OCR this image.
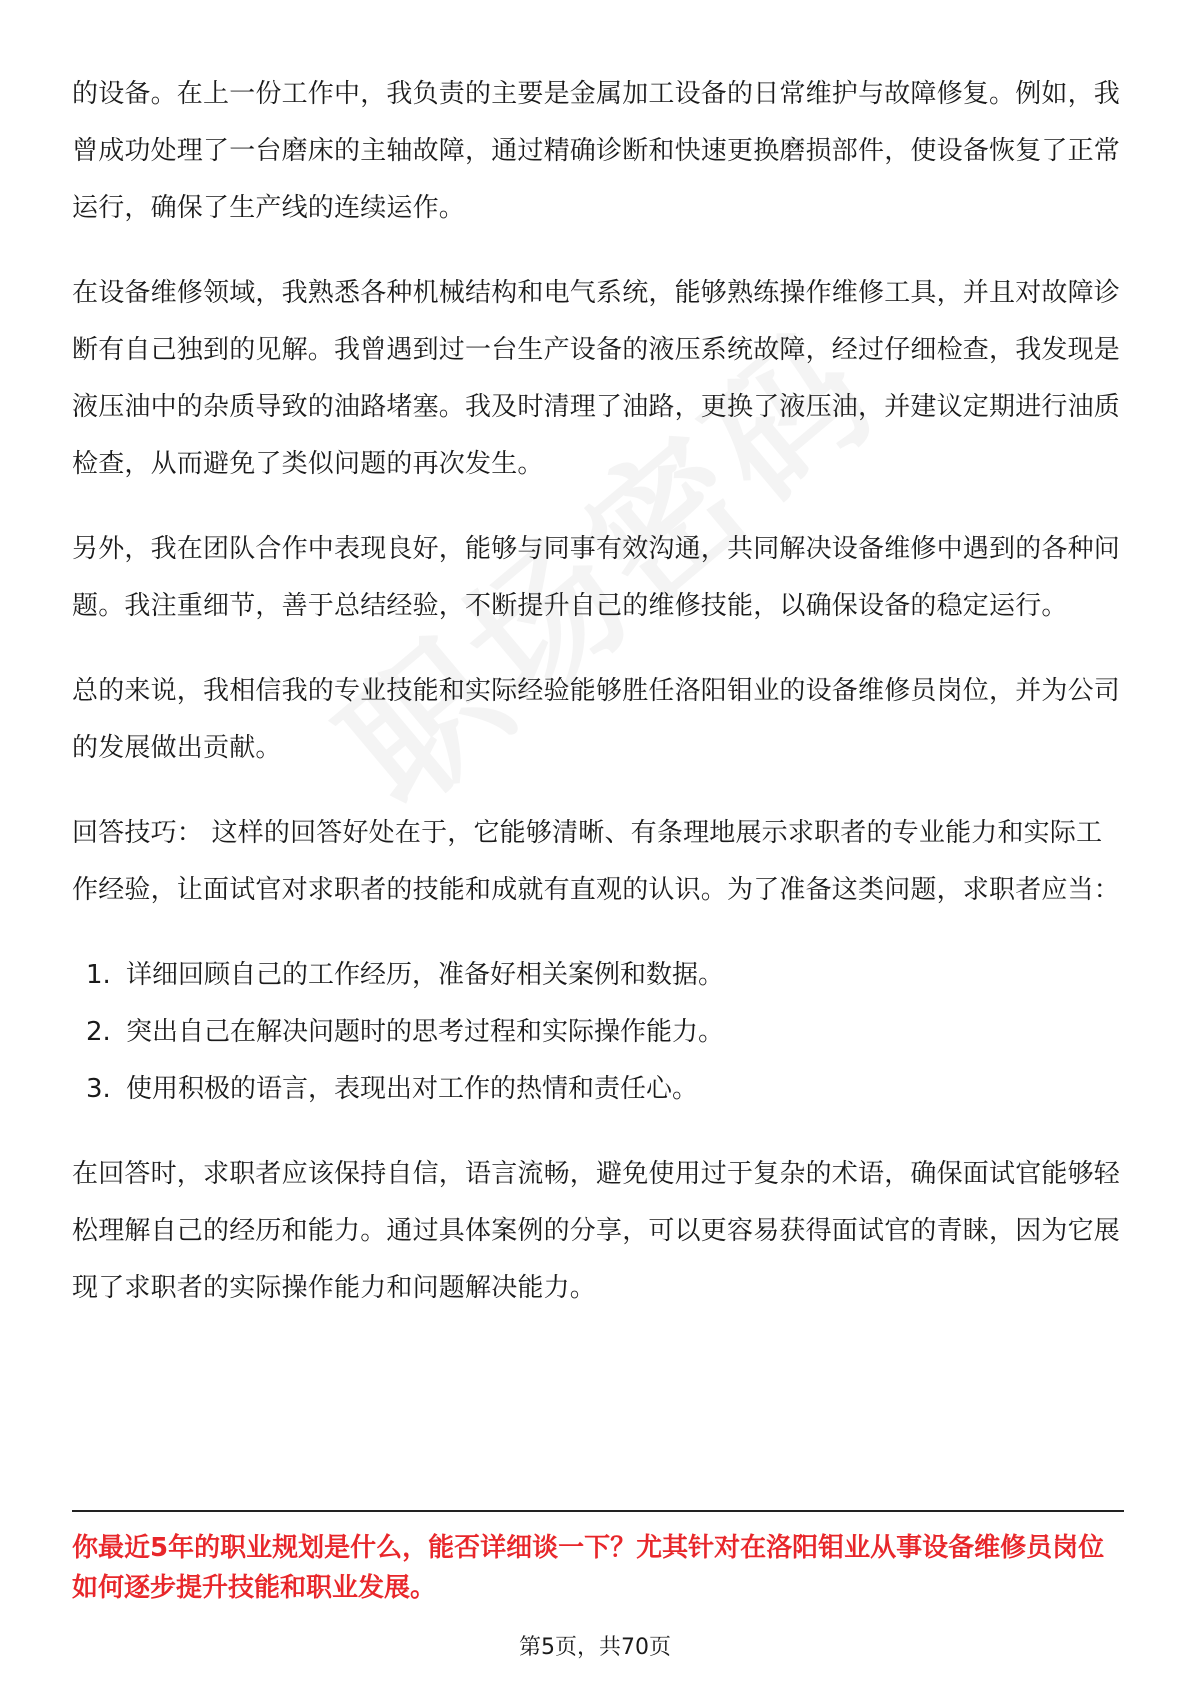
的设备。在上一份工作中，我负责的主要是金属加工设备的日常维护与故障修复。例如，我曾成功处理了一台磨床的主轴故障，通过精确诊断和快速更换磨损部件，使设备恢复了正常运行，确保了生产线的连续运作。

在设备维修领域，我熟悉各种机械结构和电气系统，能够熟练操作维修工具，并且对故障诊断有自己独到的见解。我曾遇到过一台生产设备的液压系统故障，经过仔细检查，我发现是液压油中的杂质导致的油路堵塞。我及时清理了油路，更换了液压油，并建议定期进行油质检查，从而避免了类似问题的再次发生。

另外，我在团队合作中表现良好，能够与同事有效沟通，共同解决设备维修中遇到的各种问题。我注重细节，善于总结经验，不断提升自己的维修技能，以确保设备的稳定运行。

总的来说，我相信我的专业技能和实际经验能够胜任洛阳钼业的设备维修员岗位，并为公司的发展做出贡献。

回答技巧： 这样的回答好处在于，它能够清晰、有条理地展示求职者的专业能力和实际工作经验，让面试官对求职者的技能和成就有直观的认识。为了准备这类问题，求职者应当：

1. 详细回顾自己的工作经历，准备好相关案例和数据。
2. 突出自己在解决问题时的思考过程和实际操作能力。
3. 使用积极的语言，表现出对工作的热情和责任心。

在回答时，求职者应该保持自信，语言流畅，避免使用过于复杂的术语，确保面试官能够轻松理解自己的经历和能力。通过具体案例的分享，可以更容易获得面试官的青睐，因为它展现了求职者的实际操作能力和问题解决能力。

你最近5年的职业规划是什么，能否详细谈一下？尤其针对在洛阳钼业从事设备维修员岗位如何逐步提升技能和职业发展。
第5页，共70页
